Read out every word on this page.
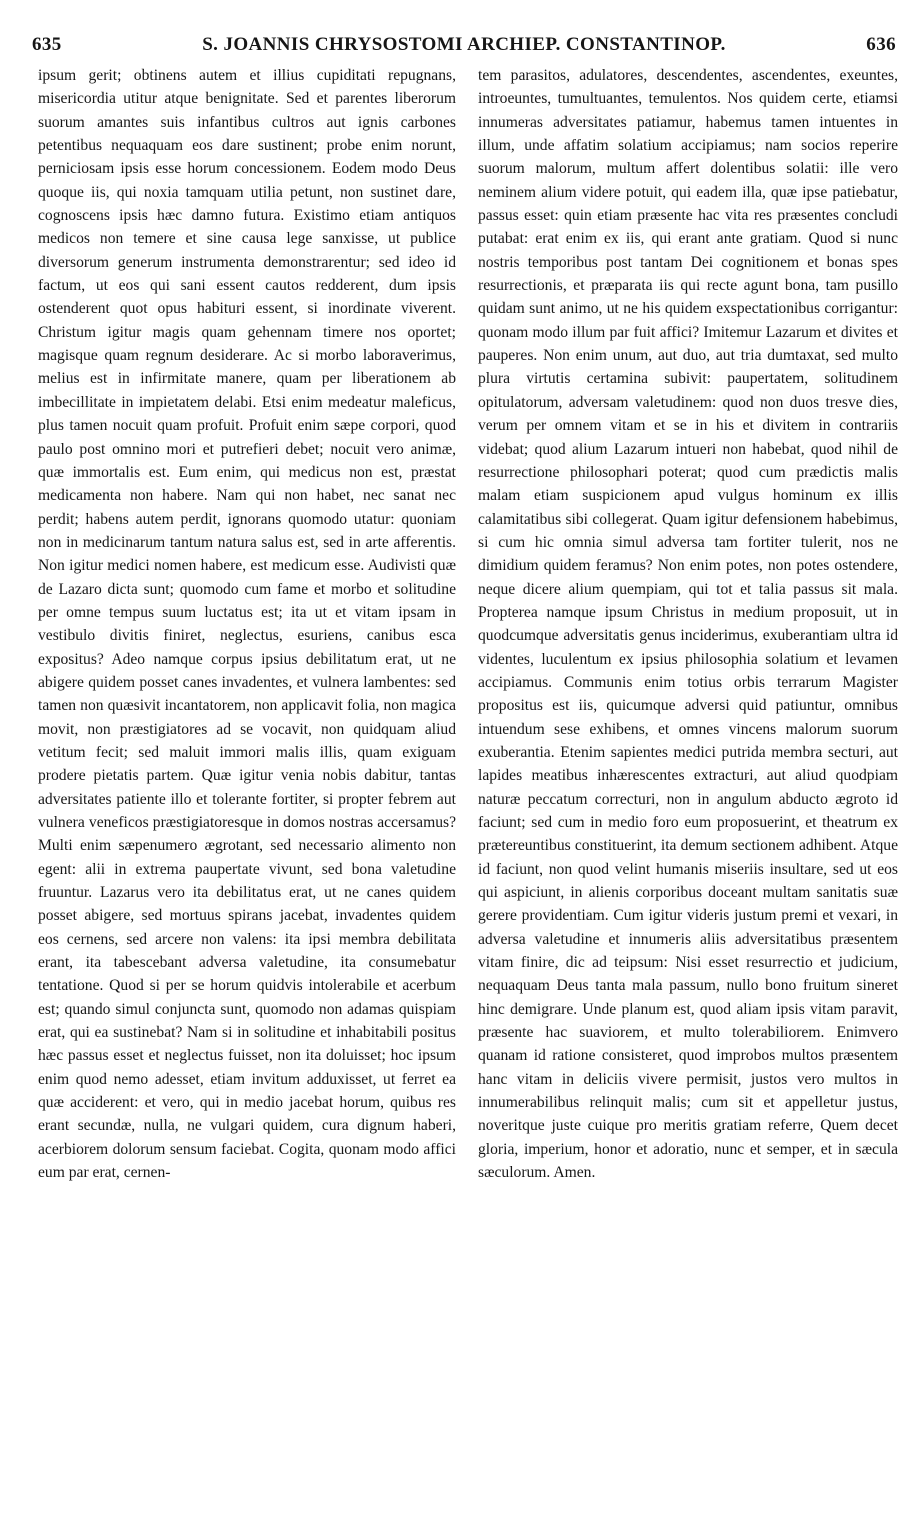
635	S. JOANNIS CHRYSOSTOMI ARCHIEP. CONSTANTINOP.	636

ipsum gerit; obtinens autem et illius cupiditati repugnans, misericordia utitur atque benignitate. Sed et parentes liberorum suorum amantes suis infantibus cultros aut ignis carbones petentibus nequaquam eos dare sustinent; probe enim norunt, perniciosam ipsis esse horum concessionem. Eodem modo Deus quoque iis, qui noxia tamquam utilia petunt, non sustinet dare, cognoscens ipsis hæc damno futura. Existimo etiam antiquos medicos non temere et sine causa lege sanxisse, ut publice diversorum generum instrumenta demonstrarentur; sed ideo id factum, ut eos qui sani essent cautos redderent, dum ipsis ostenderent quot opus habituri essent, si inordinate viverent. Christum igitur magis quam gehennam timere nos oportet; magisque quam regnum desiderare. Ac si morbo laboraverimus, melius est in infirmitate manere, quam per liberationem ab imbecillitate in impietatem delabi. Etsi enim medeatur maleficus, plus tamen nocuit quam profuit. Profuit enim sæpe corpori, quod paulo post omnino mori et putrefieri debet; nocuit vero animæ, quæ immortalis est. Eum enim, qui medicus non est, præstat medicamenta non habere. Nam qui non habet, nec sanat nec perdit; habens autem perdit, ignorans quomodo utatur: quoniam non in medicinarum tantum natura salus est, sed in arte afferentis. Non igitur medici nomen habere, est medicum esse. Audivisti quæ de Lazaro dicta sunt; quomodo cum fame et morbo et solitudine per omne tempus suum luctatus est; ita ut et vitam ipsam in vestibulo divitis finiret, neglectus, esuriens, canibus esca expositus? Adeo namque corpus ipsius debilitatum erat, ut ne abigere quidem posset canes invadentes, et vulnera lambentes: sed tamen non quæsivit incantatorem, non applicavit folia, non magica movit, non præstigiatores ad se vocavit, non quidquam aliud vetitum fecit; sed maluit immori malis illis, quam exiguam prodere pietatis partem. Quæ igitur venia nobis dabitur, tantas adversitates patiente illo et tolerante fortiter, si propter febrem aut vulnera veneficos præstigiatoresque in domos nostras accersamus? Multi enim sæpenumero ægrotant, sed necessario alimento non egent: alii in extrema paupertate vivunt, sed bona valetudine fruuntur. Lazarus vero ita debilitatus erat, ut ne canes quidem posset abigere, sed mortuus spirans jacebat, invadentes quidem eos cernens, sed arcere non valens: ita ipsi membra debilitata erant, ita tabescebant adversa valetudine, ita consumebatur tentatione. Quod si per se horum quidvis intolerabile et acerbum est; quando simul conjuncta sunt, quomodo non adamas quispiam erat, qui ea sustinebat? Nam si in solitudine et inhabitabili positus hæc passus esset et neglectus fuisset, non ita doluisset; hoc ipsum enim quod nemo adesset, etiam invitum adduxisset, ut ferret ea quæ acciderent: et vero, qui in medio jacebat horum, quibus res erant secundæ, nulla, ne vulgari quidem, cura dignum haberi, acerbiorem dolorum sensum faciebat. Cogita, quonam modo affici eum par erat, cernen-

tem parasitos, adulatores, descendentes, ascendentes, exeuntes, introeuntes, tumultuantes, temulentos. Nos quidem certe, etiamsi innumeras adversitates patiamur, habemus tamen intuentes in illum, unde affatim solatium accipiamus; nam socios reperire suorum malorum, multum affert dolentibus solatii: ille vero neminem alium videre potuit, qui eadem illa, quæ ipse patiebatur, passus esset: quin etiam præsente hac vita res præsentes concludi putabat: erat enim ex iis, qui erant ante gratiam. Quod si nunc nostris temporibus post tantam Dei cognitionem et bonas spes resurrectionis, et præparata iis qui recte agunt bona, tam pusillo quidam sunt animo, ut ne his quidem exspectationibus corrigantur: quonam modo illum par fuit affici? Imitemur Lazarum et divites et pauperes. Non enim unum, aut duo, aut tria dumtaxat, sed multo plura virtutis certamina subivit: paupertatem, solitudinem opitulatorum, adversam valetudinem: quod non duos tresve dies, verum per omnem vitam et se in his et divitem in contrariis videbat; quod alium Lazarum intueri non habebat, quod nihil de resurrectione philosophari poterat; quod cum prædictis malis malam etiam suspicionem apud vulgus hominum ex illis calamitatibus sibi collegerat. Quam igitur defensionem habebimus, si cum hic omnia simul adversa tam fortiter tulerit, nos ne dimidium quidem feramus? Non enim potes, non potes ostendere, neque dicere alium quempiam, qui tot et talia passus sit mala. Propterea namque ipsum Christus in medium proposuit, ut in quodcumque adversitatis genus inciderimus, exuberantiam ultra id videntes, luculentum ex ipsius philosophia solatium et levamen accipiamus. Communis enim totius orbis terrarum Magister propositus est iis, quicumque adversi quid patiuntur, omnibus intuendum sese exhibens, et omnes vincens malorum suorum exuberantia. Etenim sapientes medici putrida membra secturi, aut lapides meatibus inhærescentes extracturi, aut aliud quodpiam naturæ peccatum correcturi, non in angulum abducto ægroto id faciunt; sed cum in medio foro eum proposuerint, et theatrum ex prætereuntibus constituerint, ita demum sectionem adhibent. Atque id faciunt, non quod velint humanis miseriis insultare, sed ut eos qui aspiciunt, in alienis corporibus doceant multam sanitatis suæ gerere providentiam. Cum igitur videris justum premi et vexari, in adversa valetudine et innumeris aliis adversitatibus præsentem vitam finire, dic ad teipsum: Nisi esset resurrectio et judicium, nequaquam Deus tanta mala passum, nullo bono fruitum sineret hinc demigrare. Unde planum est, quod aliam ipsis vitam paravit, præsente hac suaviorem, et multo tolerabiliorem. Enimvero quanam id ratione consisteret, quod improbos multos præsentem hanc vitam in deliciis vivere permisit, justos vero multos in innumerabilibus relinquit malis; cum sit et appelletur justus, noveritque juste cuique pro meritis gratiam referre, Quem decet gloria, imperium, honor et adoratio, nunc et semper, et in sæcula sæculorum. Amen.
